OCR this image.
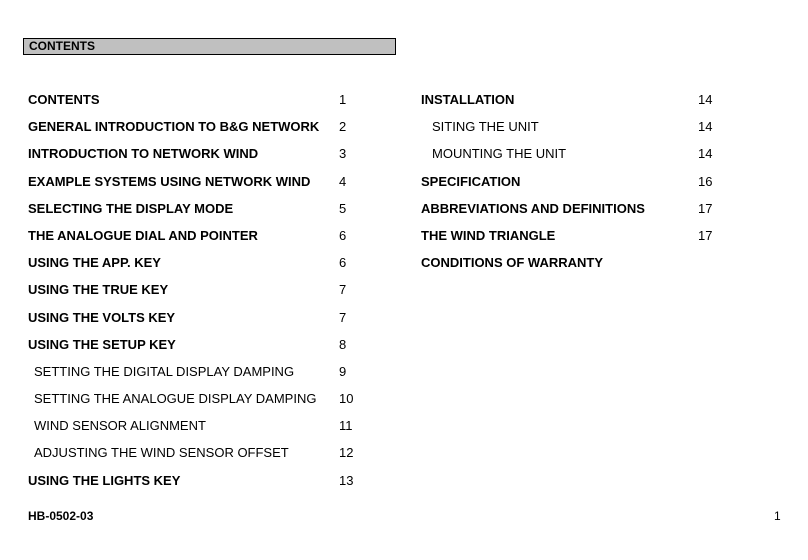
CONTENTS
CONTENTS	1
GENERAL INTRODUCTION TO B&G NETWORK 2
INTRODUCTION TO NETWORK WIND	3
EXAMPLE SYSTEMS USING NETWORK WIND 4
SELECTING THE DISPLAY MODE	5
THE ANALOGUE DIAL AND POINTER	6
USING THE APP. KEY	6
USING THE TRUE KEY	7
USING THE VOLTS KEY	7
USING THE SETUP KEY	8
SETTING THE DIGITAL DISPLAY DAMPING	9
SETTING THE ANALOGUE DISPLAY DAMPING 10
WIND SENSOR ALIGNMENT	11
ADJUSTING THE WIND SENSOR OFFSET	12
USING THE LIGHTS KEY	13
INSTALLATION	14
SITING THE UNIT	14
MOUNTING THE UNIT	14
SPECIFICATION	16
ABBREVIATIONS AND DEFINITIONS	17
THE WIND TRIANGLE	17
CONDITIONS OF WARRANTY
HB-0502-03	1
